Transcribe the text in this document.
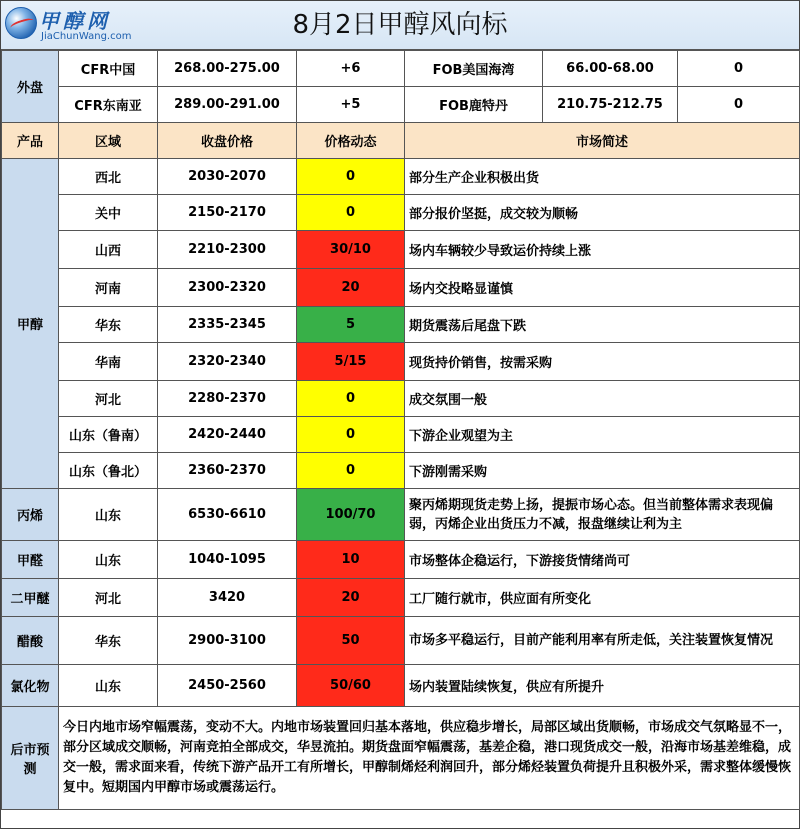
8月2日甲醇风向标
甲醇网
JiaChunWang.com
外盘	CFR中国	268.00-275.00	+6	FOB美国海湾	66.00-68.00	0
	CFR东南亚	289.00-291.00	+5	FOB鹿特丹	210.75-212.75	0
产品	区域	收盘价格	价格动态	市场简述		
甲醇	西北	2030-2070	0	部分生产企业积极出货		
	关中	2150-2170	0	部分报价坚挺，成交较为顺畅		
	山西	2210-2300	30/10	场内车辆较少导致运价持续上涨		
	河南	2300-2320	20	场内交投略显谨慎		
	华东	2335-2345	5	期货震荡后尾盘下跌		
	华南	2320-2340	5/15	现货持价销售，按需采购		
	河北	2280-2370	0	成交氛围一般		
	山东（鲁南）	2420-2440	0	下游企业观望为主		
	山东（鲁北）	2360-2370	0	下游刚需采购		
丙烯	山东	6530-6610	100/70	聚丙烯期现货走势上扬，提振市场心态。但当前整体需求表现偏弱，丙烯企业出货压力不减，报盘继续让利为主		
甲醛	山东	1040-1095	10	市场整体企稳运行，下游接货情绪尚可		
二甲醚	河北	3420	20	工厂随行就市，供应面有所变化		
醋酸	华东	2900-3100	50	市场多平稳运行，目前产能利用率有所走低，关注装置恢复情况		
氯化物	山东	2450-2560	50/60	场内装置陆续恢复，供应有所提升		
后市预测	今日内地市场窄幅震荡，变动不大。内地市场装置回归基本落地，供应稳步增长，局部区域出货顺畅，市场成交气氛略显不一，部分区域成交顺畅，河南竞拍全部成交，华昱流拍。期货盘面窄幅震荡，基差企稳，港口现货成交一般，沿海市场基差维稳，成交一般，需求面来看，传统下游产品开工有所增长，甲醇制烯烃利润回升，部分烯烃装置负荷提升且积极外采，需求整体缓慢恢复中。短期国内甲醇市场或震荡运行。					
